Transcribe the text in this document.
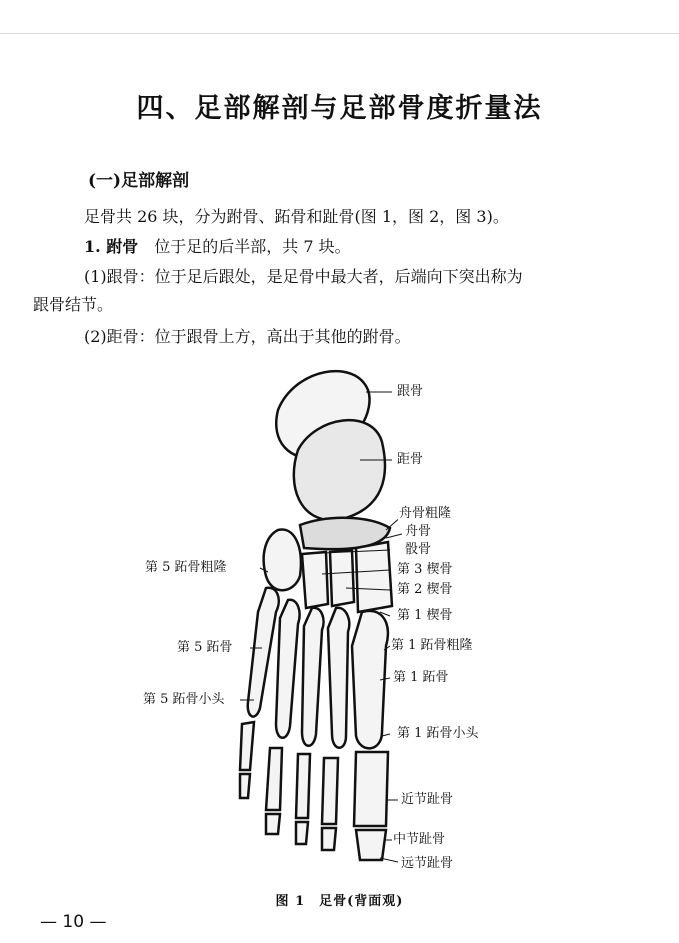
四、足部解剖与足部骨度折量法
(一)足部解剖
足骨共 26 块，分为跗骨、跖骨和趾骨(图 1，图 2，图 3)。
1. 跗骨 位于足的后半部，共 7 块。
(1)跟骨：位于足后跟处，是足骨中最大者，后端向下突出称为
跟骨结节。
(2)距骨：位于跟骨上方，高出于其他的跗骨。
跟骨
距骨
舟骨粗隆
舟骨
骰骨
第 3 楔骨
第 2 楔骨
第 1 楔骨
第 5 跖骨粗隆
第 5 跖骨
第 5 跖骨小头
第 1 跖骨粗隆
第 1 跖骨
第 1 跖骨小头
近节趾骨
中节趾骨
远节趾骨
图 1 足骨(背面观)
— 10 —
